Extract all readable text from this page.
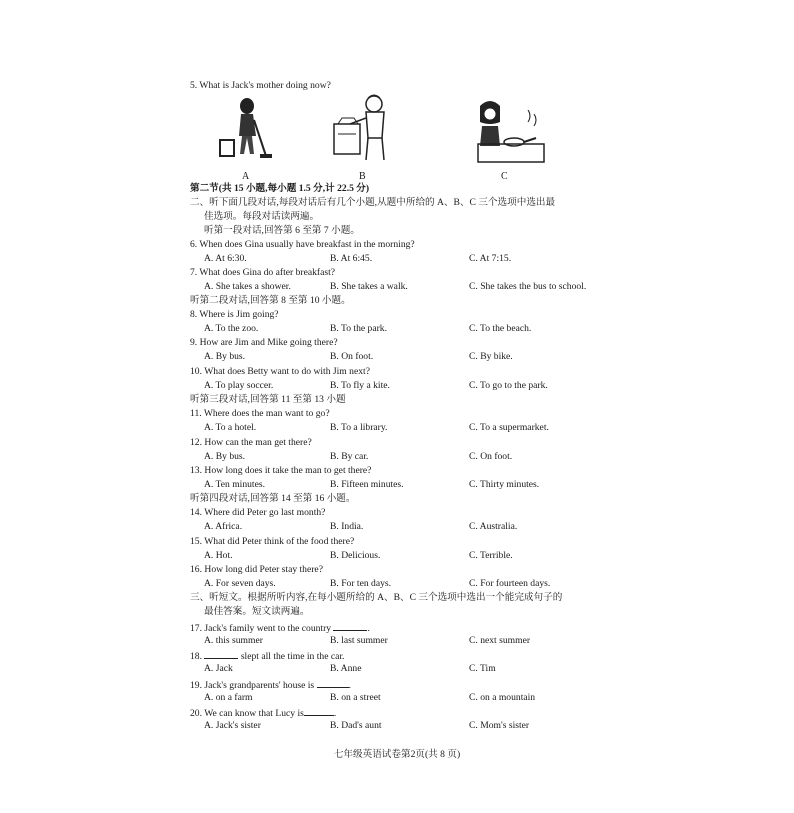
5. What is Jack's mother doing now?
A	B	C
第二节(共 15 小题,每小题 1.5 分,计 22.5 分)
二、听下面几段对话,每段对话后有几个小题,从题中所给的 A、B、C 三个选项中选出最
佳选项。每段对话读两遍。
听第一段对话,回答第 6 至第 7 小题。
6. When does Gina usually have breakfast in the morning?
A. At 6:30.	B. At 6:45.	C. At 7:15.
7. What does Gina do after breakfast?
A. She takes a shower.	B. She takes a walk.	C. She takes the bus to school.
听第二段对话,回答第 8 至第 10 小题。
8. Where is Jim going?
A. To the zoo.	B. To the park.	C. To the beach.
9. How are Jim and Mike going there?
A. By bus.	B. On foot.	C. By bike.
10. What does Betty want to do with Jim next?
A. To play soccer.	B. To fly a kite.	C. To go to the park.
听第三段对话,回答第 11 至第 13 小题
11. Where does the man want to go?
A. To a hotel.	B. To a library.	C. To a supermarket.
12. How can the man get there?
A. By bus.	B. By car.	C. On foot.
13. How long does it take the man to get there?
A. Ten minutes.	B. Fifteen minutes.	C. Thirty minutes.
听第四段对话,回答第 14 至第 16 小题。
14. Where did Peter go last month?
A. Africa.	B. India.	C. Australia.
15. What did Peter think of the food there?
A. Hot.	B. Delicious.	C. Terrible.
16. How long did Peter stay there?
A. For seven days.	B. For ten days.	C. For fourteen days.
三、听短文。根据所听内容,在每小题所给的 A、B、C 三个选项中选出一个能完成句子的
最佳答案。短文读两遍。
17. Jack's family went to the country	.
A. this summer	B. last summer	C. next summer
18.	slept all the time in the car.
A. Jack	B. Anne	C. Tim
19. Jack's grandparents' house is	.
A. on a farm	B. on a street	C. on a mountain
20. We can know that Lucy is	.
A. Jack's sister	B. Dad's aunt	C. Mom's sister
七年级英语试卷第2页(共 8 页)
